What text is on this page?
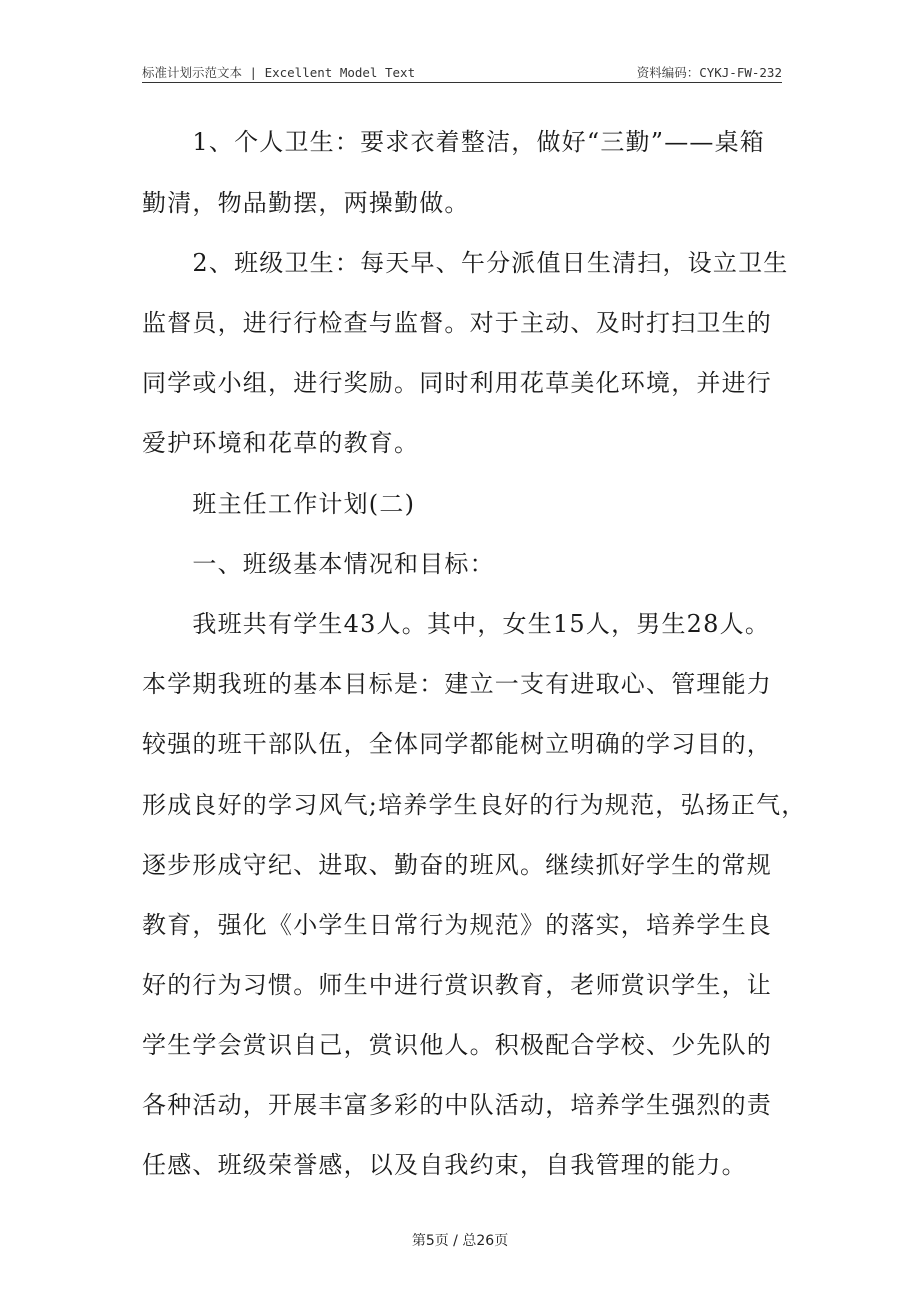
标准计划示范文本 | Excellent Model Text	资料编码：CYKJ-FW-232
　　1、个人卫生：要求衣着整洁，做好“三勤”——桌箱
勤清，物品勤摆，两操勤做。
　　2、班级卫生：每天早、午分派值日生清扫，设立卫生
监督员，进行行检查与监督。对于主动、及时打扫卫生的
同学或小组，进行奖励。同时利用花草美化环境，并进行
爱护环境和花草的教育。
　　班主任工作计划(二)
　　一、班级基本情况和目标：
　　我班共有学生43人。其中，女生15人，男生28人。
本学期我班的基本目标是：建立一支有进取心、管理能力
较强的班干部队伍，全体同学都能树立明确的学习目的，
形成良好的学习风气;培养学生良好的行为规范，弘扬正气，
逐步形成守纪、进取、勤奋的班风。继续抓好学生的常规
教育，强化《小学生日常行为规范》的落实，培养学生良
好的行为习惯。师生中进行赏识教育，老师赏识学生，让
学生学会赏识自己，赏识他人。积极配合学校、少先队的
各种活动，开展丰富多彩的中队活动，培养学生强烈的责
任感、班级荣誉感，以及自我约束，自我管理的能力。
第5页 / 总26页
